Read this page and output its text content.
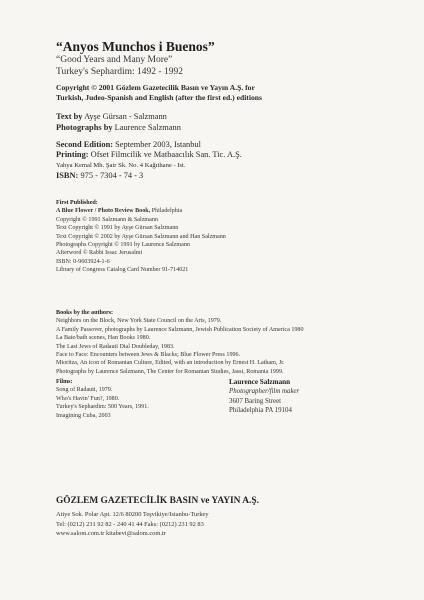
“Anyos Munchos i Buenos”
“Good Years and Many More”
Turkey's Sephardim: 1492 - 1992
Copyright © 2001 Gözlem Gazetecilik Basın ve Yayın A.Ş. for
Turkish, Judeo-Spanish and English (after the first ed.) editions
Text by Ayşe Gürsan - Salzmann
Photographs by Laurence Salzmann
Second Edition: September 2003, Istanbul
Printing: Ofset Filmcilik ve Matbaacılık San. Tic. A.Ş.
Yahya Kemal Mh. Şair Sk. No. 4 Kağıthane - Ist.
ISBN: 975 - 7304 - 74 - 3
First Published:
A Blue Flower / Photo Review Book, Philadelphia
Copyright © 1991 Salzmann & Salzmann
Text Copyright © 1991 by Ayşe Gürsan Salzmann
Text Copyright © 2002 by Ayşe Gürsan Salzmann and Han Salzmann
Photographs Copyright © 1991 by Laurence Salzmann
Afterword © Rabbi Issac Jerusalmi
ISBN: 0-9603924-1-6
Library of Congress Catalog Card Number 91-714021
Books by the authors:
Neighbors on the Block, New York State Council on the Arts, 1979.
A Family Passover, photographs by Laurence Salzmann, Jewish Publication Society of America 1980
La Baie/bath scenes, Han Books 1980.
The Last Jews of Radauti Dial Doubleday, 1983.
Face to Face: Encounters between Jews & Blacks; Blue Flower Press 1996.
Mioritza, An icon of Romanian Culture, Edited, with an introduction by Ernest H. Latham, Jr.
Photographs by Laurence Salzmann, The Center for Romanian Studies, Jassi, Romania 1999.
Films:
Song of Radauti, 1979.
Who's Havin' Fun?, 1980.
Turkey's Sephardim: 500 Years, 1991.
Imagining Cuba, 2003
Laurence Salzmann
Photographer/film maker
3607 Baring Street
Philadelphia PA 19104
GÖZLEM GAZETECİLİK BASIN ve YAYIN A.Ş.
Atiye Sok. Polar Apt. 12/6 80200 Teşvikiye/Istanbu-Turkey
Tel: (0212) 231 92 82 - 240 41 44 Faks: (0212) 231 92 83
www.salom.com.tr kitabevi@salom.com.tr
